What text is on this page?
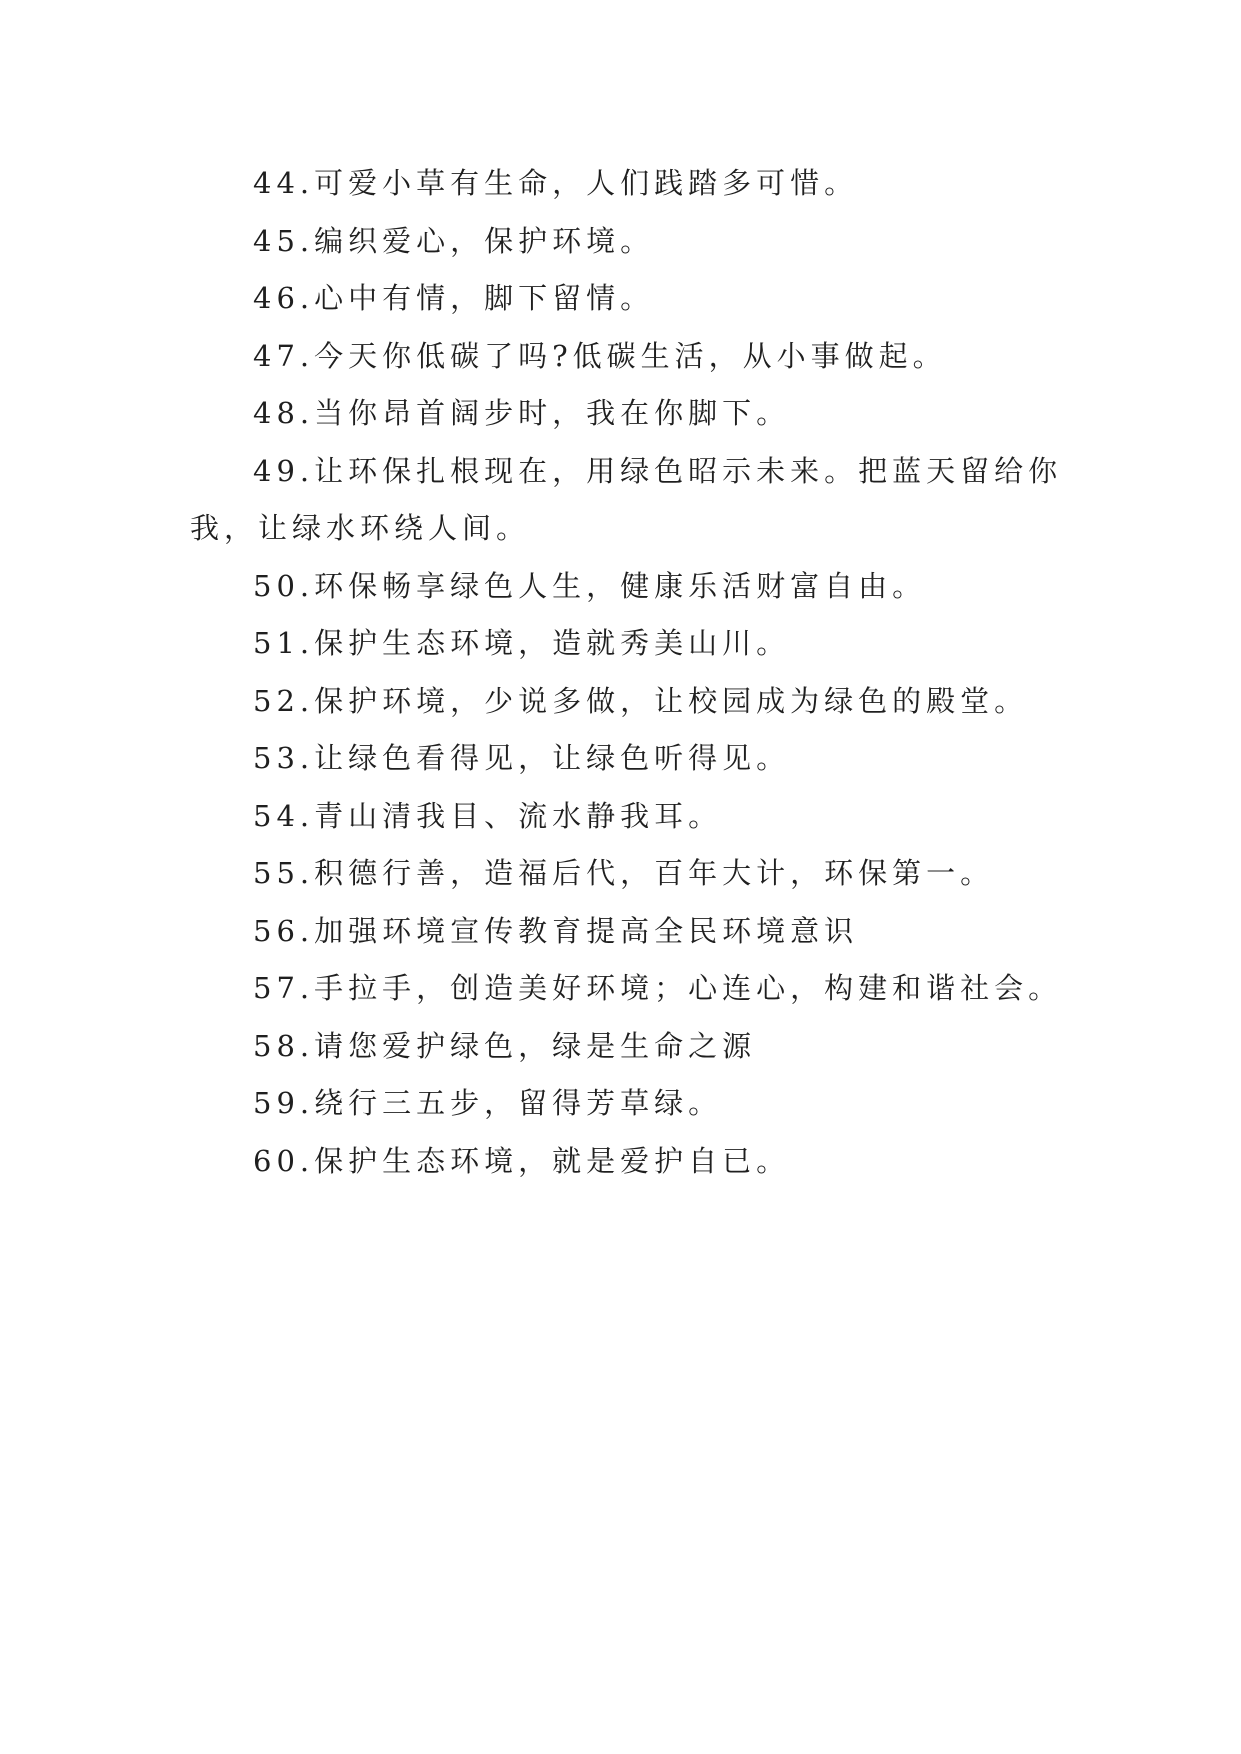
44.可爱小草有生命，人们践踏多可惜。

45.编织爱心，保护环境。

46.心中有情，脚下留情。

47.今天你低碳了吗?低碳生活，从小事做起。

48.当你昂首阔步时，我在你脚下。

49.让环保扎根现在，用绿色昭示未来。把蓝天留给你我，让绿水环绕人间。

50.环保畅享绿色人生，健康乐活财富自由。

51.保护生态环境，造就秀美山川。

52.保护环境，少说多做，让校园成为绿色的殿堂。

53.让绿色看得见，让绿色听得见。

54.青山清我目、流水静我耳。

55.积德行善，造福后代，百年大计，环保第一。

56.加强环境宣传教育提高全民环境意识

57.手拉手，创造美好环境；心连心，构建和谐社会。

58.请您爱护绿色，绿是生命之源

59.绕行三五步，留得芳草绿。

60.保护生态环境，就是爱护自已。
